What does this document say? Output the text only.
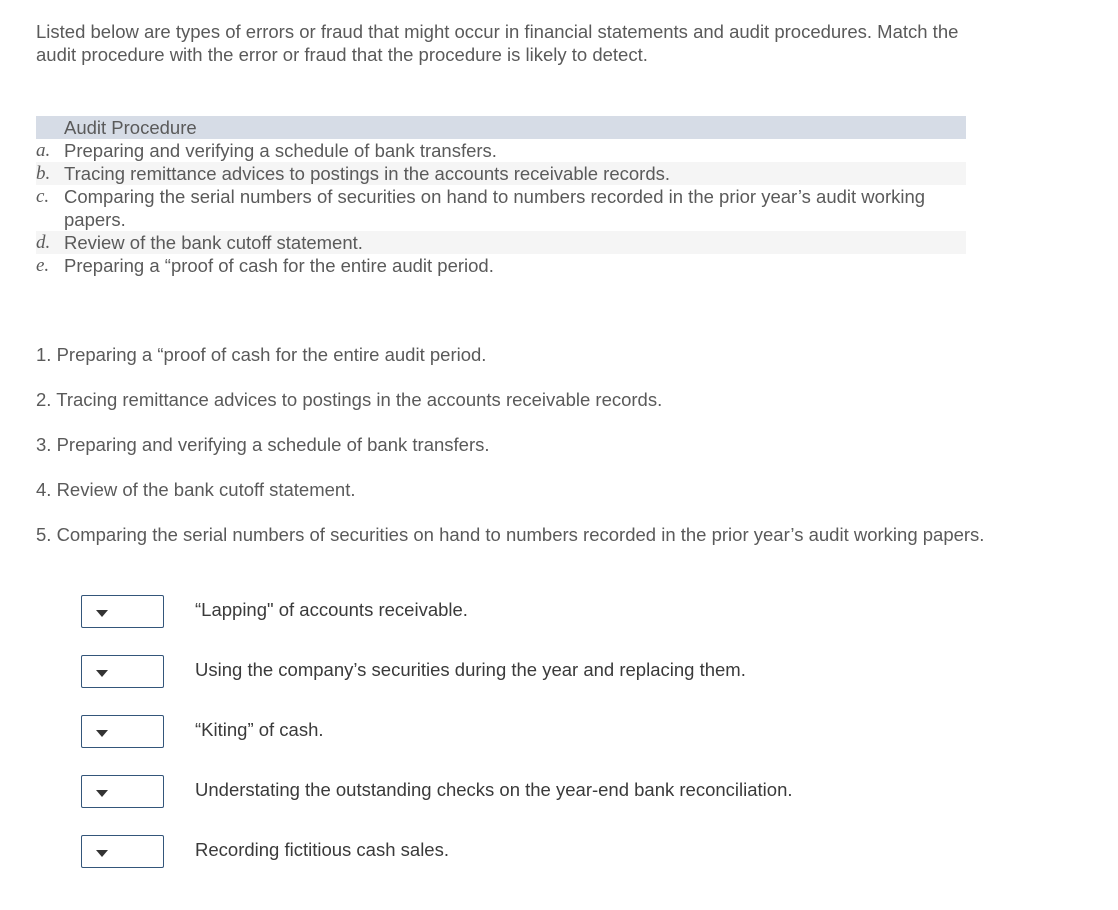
Listed below are types of errors or fraud that might occur in financial statements and audit procedures. Match the audit procedure with the error or fraud that the procedure is likely to detect.

Audit Procedure
a. Preparing and verifying a schedule of bank transfers.
b. Tracing remittance advices to postings in the accounts receivable records.
c. Comparing the serial numbers of securities on hand to numbers recorded in the prior year’s audit working papers.
d. Review of the bank cutoff statement.
e. Preparing a “proof of cash for the entire audit period.
1. Preparing a “proof of cash for the entire audit period.
2. Tracing remittance advices to postings in the accounts receivable records.
3. Preparing and verifying a schedule of bank transfers.
4. Review of the bank cutoff statement.
5. Comparing the serial numbers of securities on hand to numbers recorded in the prior year’s audit working papers.
“Lapping" of accounts receivable.
Using the company’s securities during the year and replacing them.
“Kiting” of cash.
Understating the outstanding checks on the year-end bank reconciliation.
Recording fictitious cash sales.
